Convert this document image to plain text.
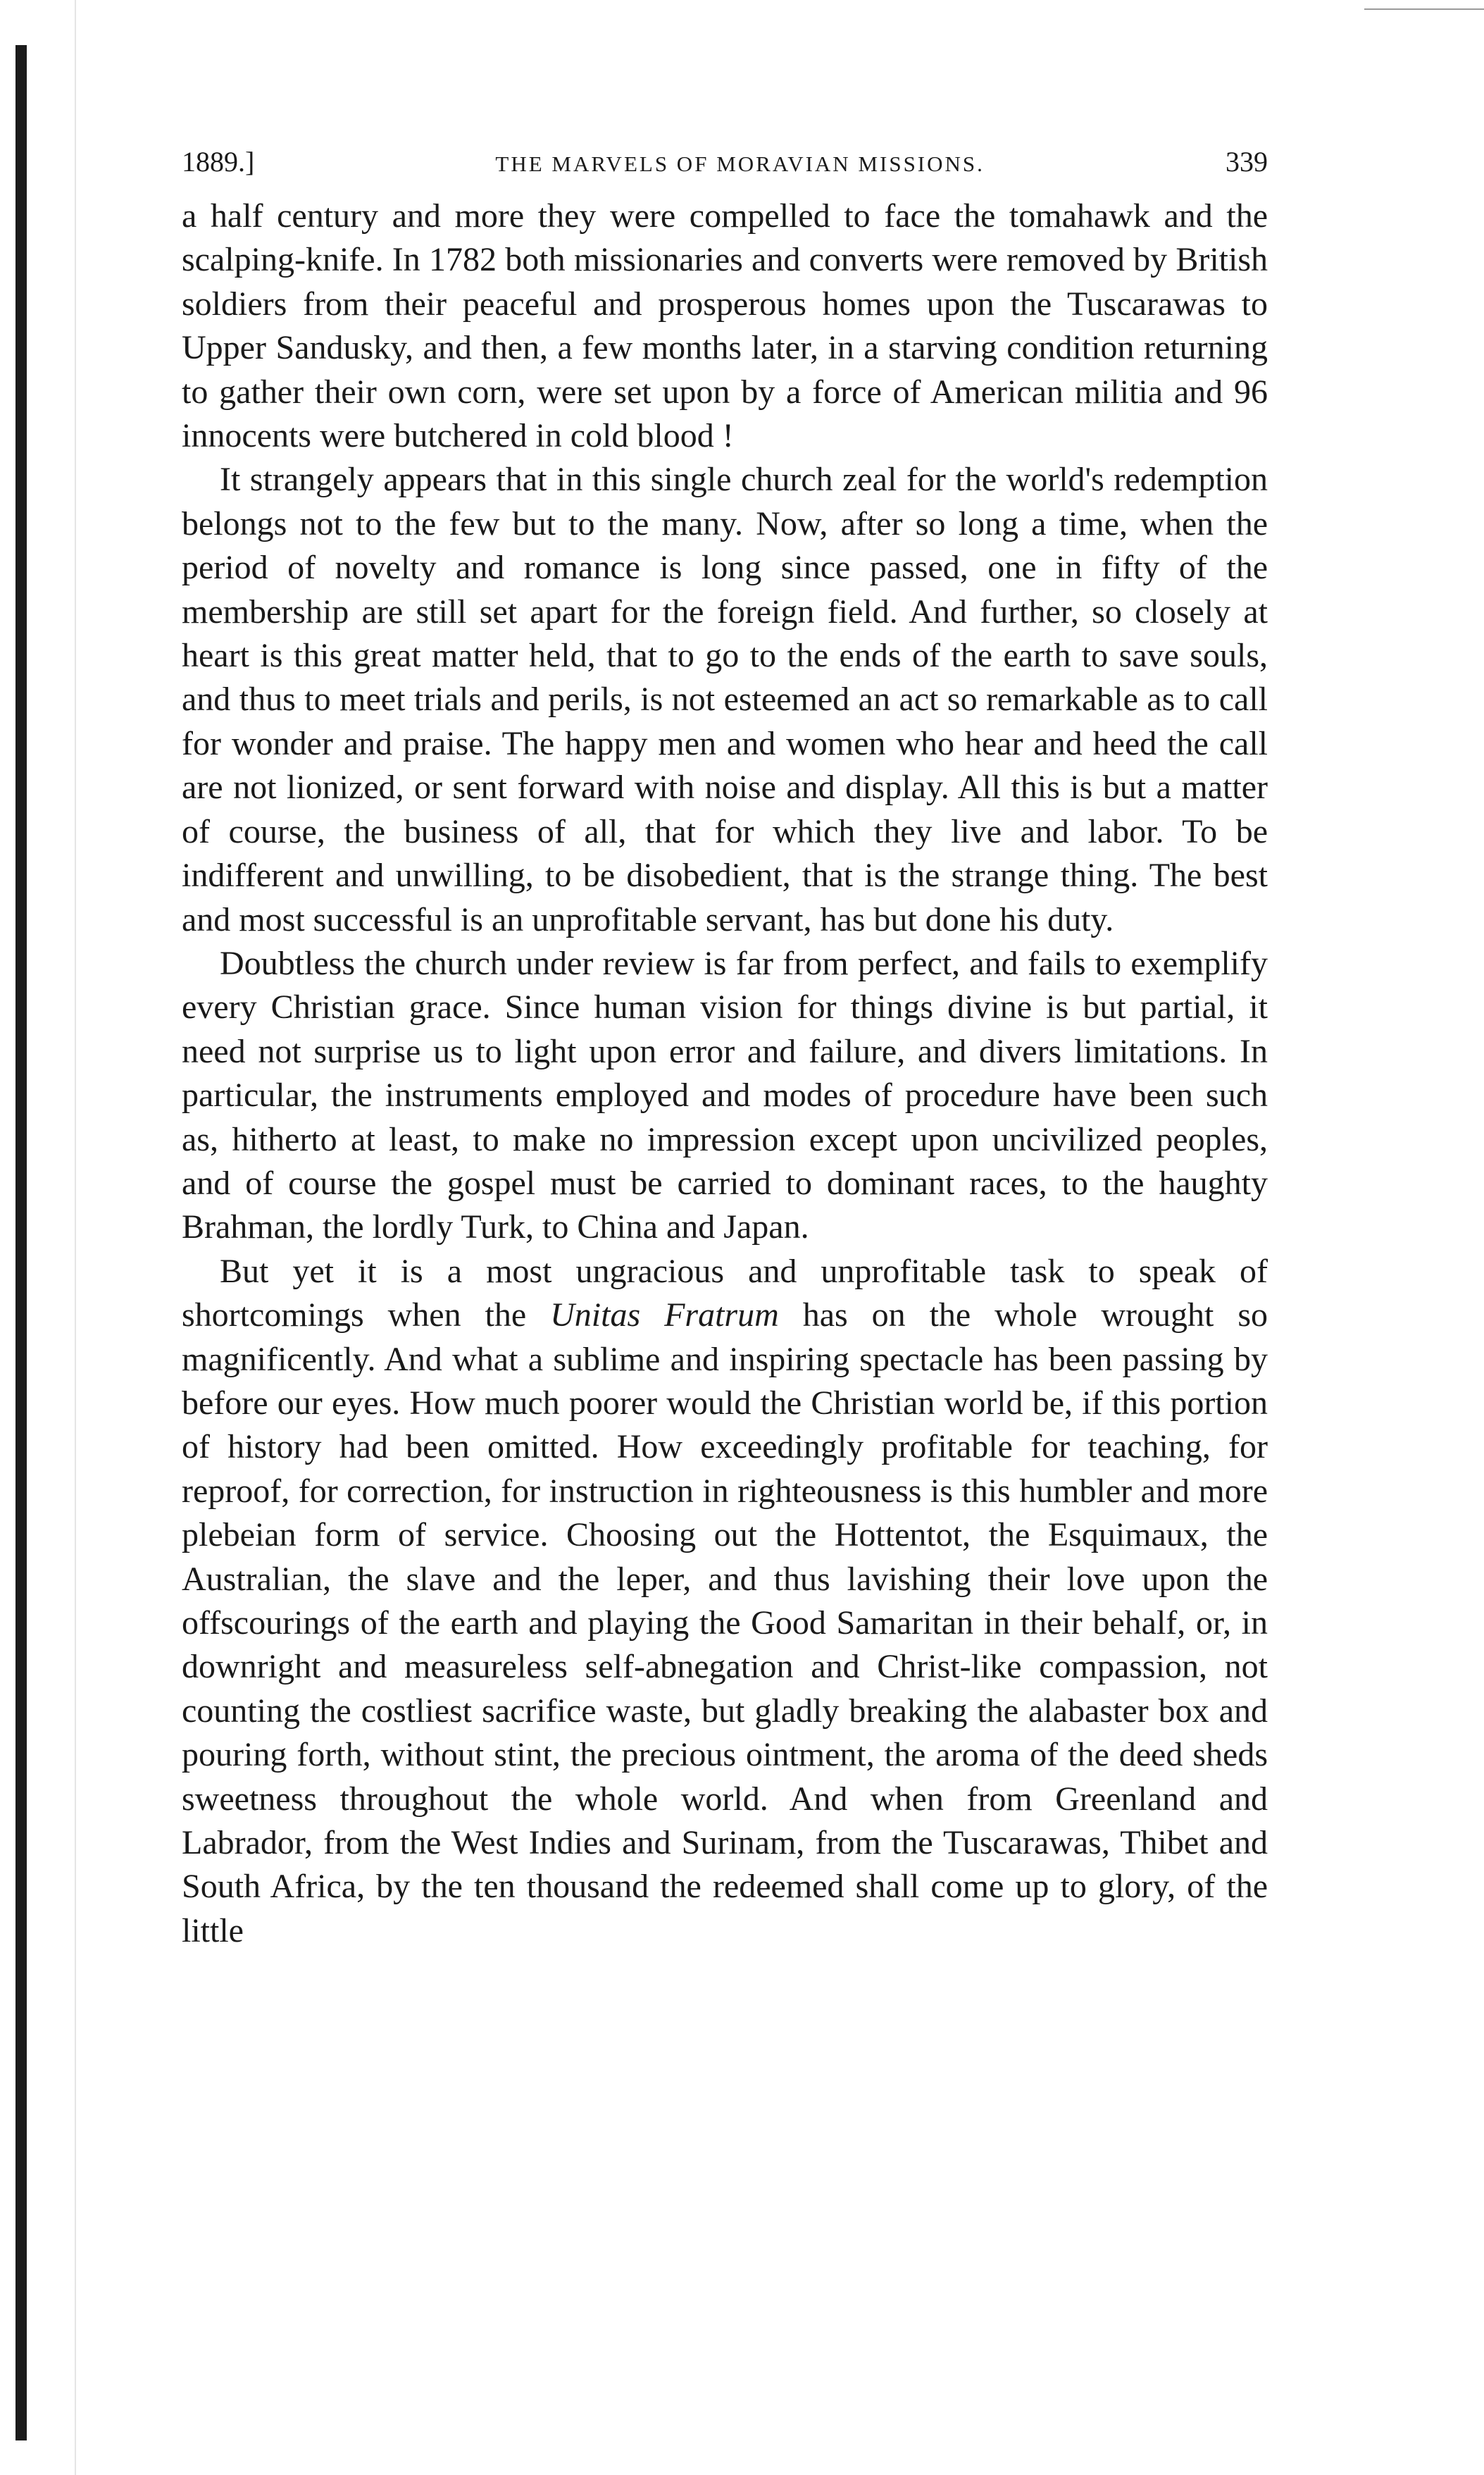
1889.]	THE MARVELS OF MORAVIAN MISSIONS.	339

a half century and more they were compelled to face the tomahawk and the scalping-knife. In 1782 both missionaries and converts were removed by British soldiers from their peaceful and prosperous homes upon the Tuscarawas to Upper Sandusky, and then, a few months later, in a starving condition returning to gather their own corn, were set upon by a force of American militia and 96 innocents were butchered in cold blood !

It strangely appears that in this single church zeal for the world's redemption belongs not to the few but to the many. Now, after so long a time, when the period of novelty and romance is long since passed, one in fifty of the membership are still set apart for the foreign field. And further, so closely at heart is this great matter held, that to go to the ends of the earth to save souls, and thus to meet trials and perils, is not esteemed an act so remarkable as to call for wonder and praise. The happy men and women who hear and heed the call are not lionized, or sent forward with noise and display. All this is but a matter of course, the business of all, that for which they live and labor. To be indifferent and unwilling, to be disobedient, that is the strange thing. The best and most successful is an unprofitable servant, has but done his duty.

Doubtless the church under review is far from perfect, and fails to exemplify every Christian grace. Since human vision for things divine is but partial, it need not surprise us to light upon error and failure, and divers limitations. In particular, the instruments employed and modes of procedure have been such as, hitherto at least, to make no impression except upon uncivilized peoples, and of course the gospel must be carried to dominant races, to the haughty Brahman, the lordly Turk, to China and Japan.

But yet it is a most ungracious and unprofitable task to speak of shortcomings when the Unitas Fratrum has on the whole wrought so magnificently. And what a sublime and inspiring spectacle has been passing by before our eyes. How much poorer would the Christian world be, if this portion of history had been omitted. How exceedingly profitable for teaching, for reproof, for correction, for instruction in righteousness is this humbler and more plebeian form of service. Choosing out the Hottentot, the Esquimaux, the Australian, the slave and the leper, and thus lavishing their love upon the offscourings of the earth and playing the Good Samaritan in their behalf, or, in downright and measureless self-abnegation and Christ-like compassion, not counting the costliest sacrifice waste, but gladly breaking the alabaster box and pouring forth, without stint, the precious ointment, the aroma of the deed sheds sweetness throughout the whole world. And when from Greenland and Labrador, from the West Indies and Surinam, from the Tuscarawas, Thibet and South Africa, by the ten thousand the redeemed shall come up to glory, of the little
